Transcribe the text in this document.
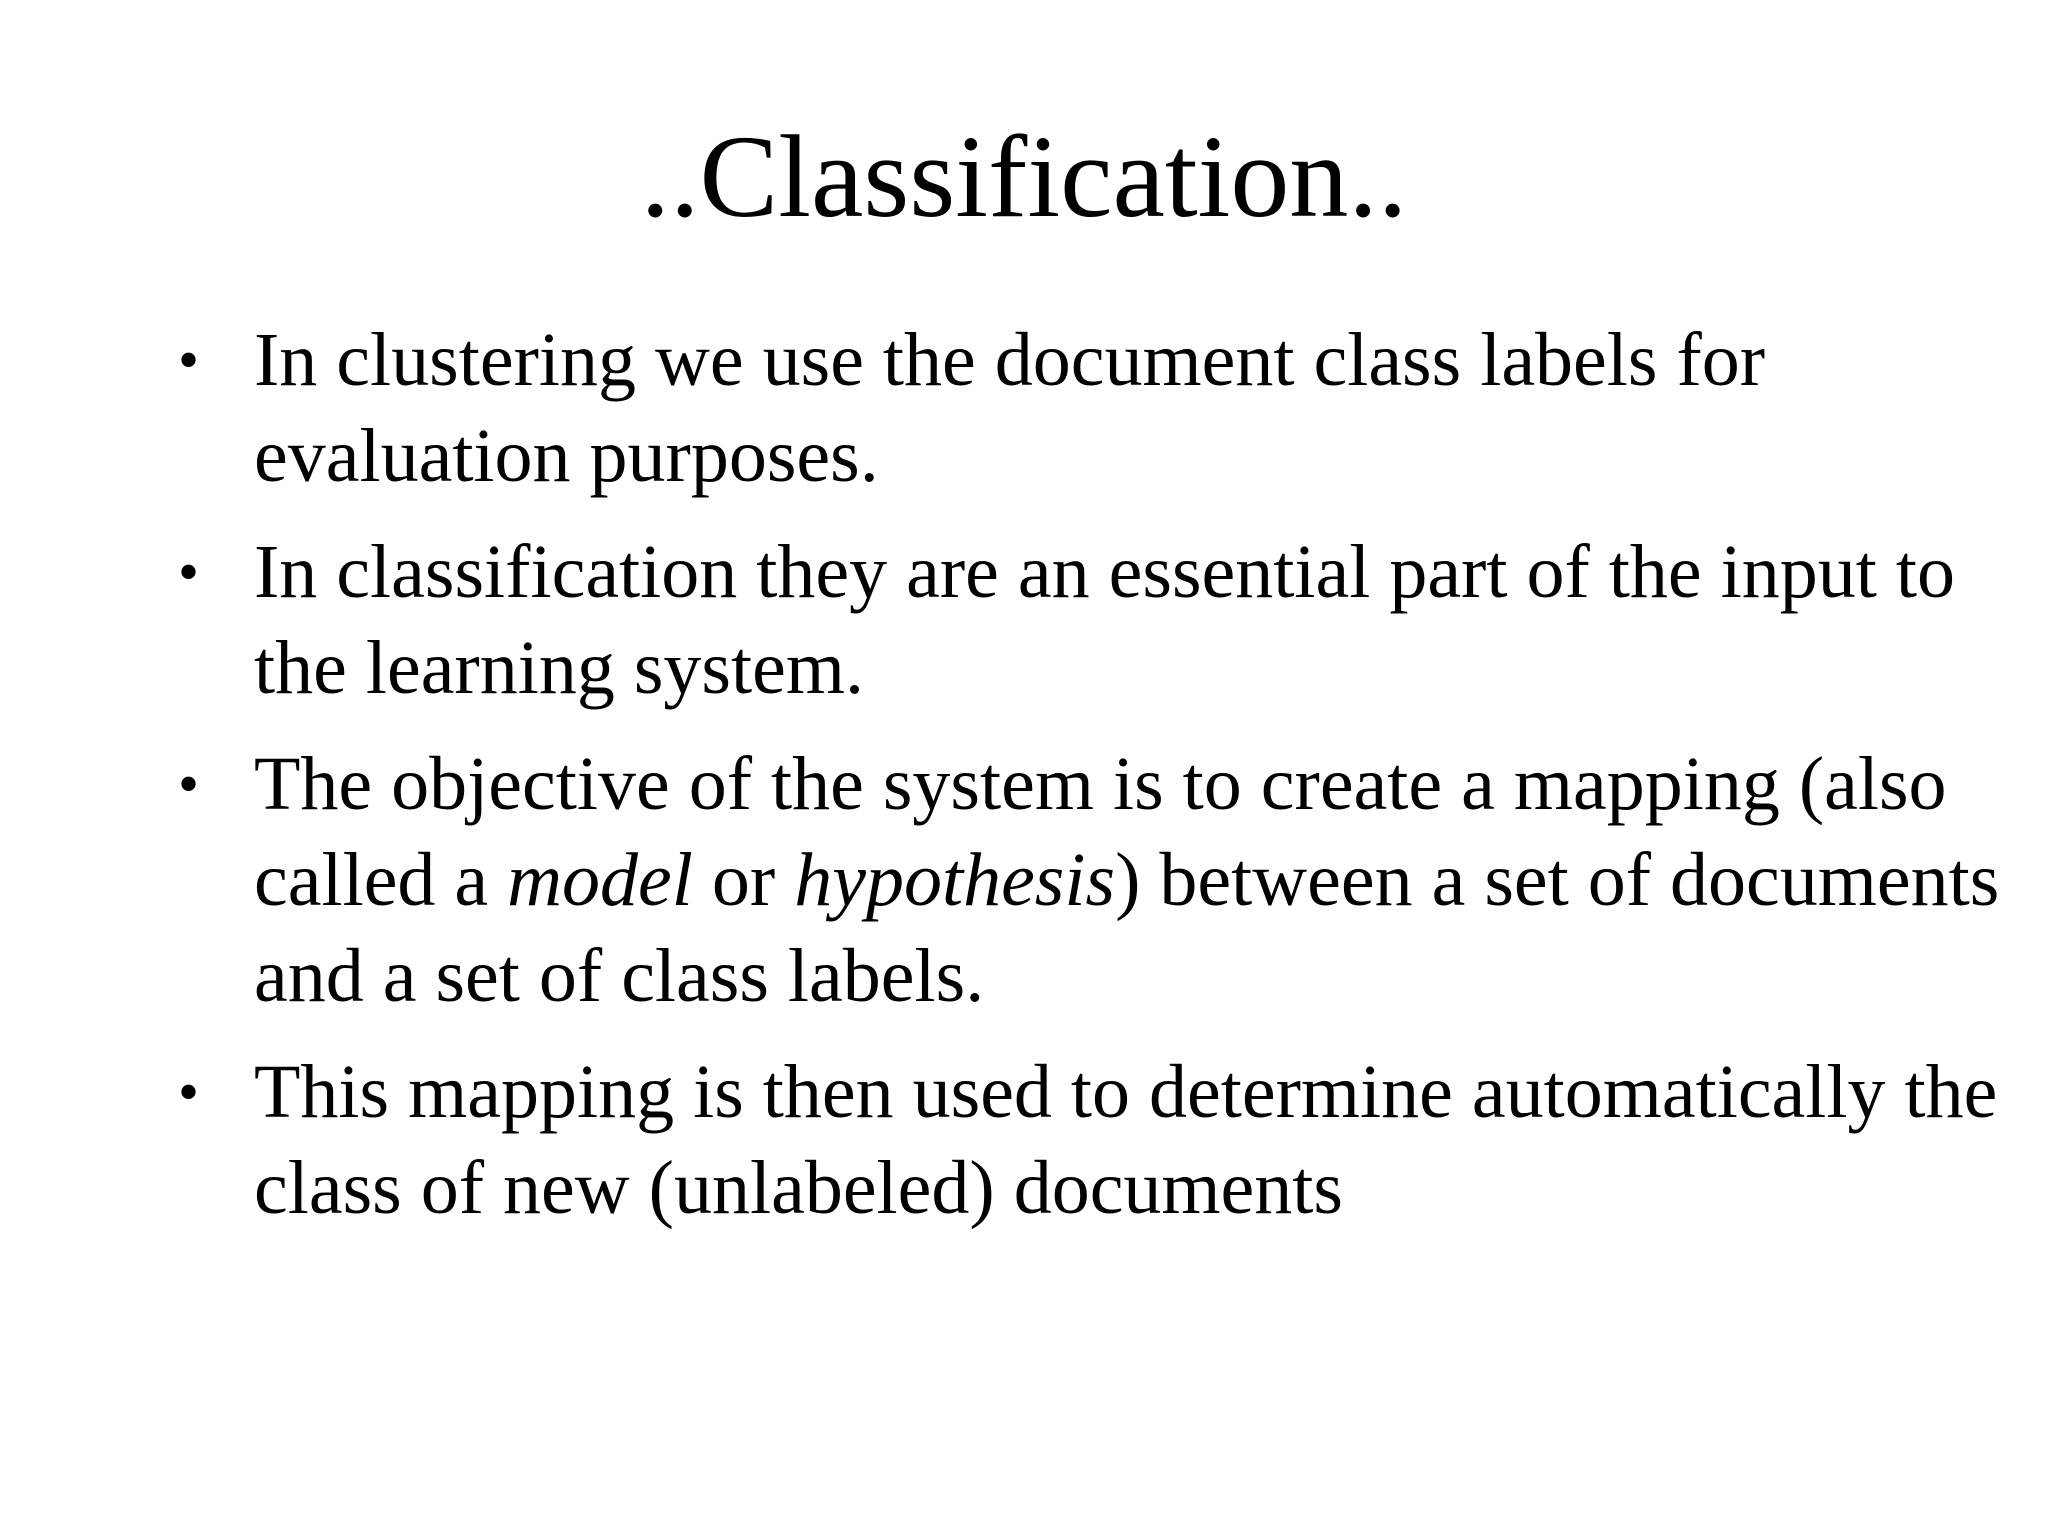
..Classification..
• In clustering we use the document class labels for evaluation purposes.
• In classification they are an essential part of the input to the learning system.
• The objective of the system is to create a mapping (also called a model or hypothesis) between a set of documents and a set of class labels.
• This mapping is then used to determine automatically the class of new (unlabeled) documents
